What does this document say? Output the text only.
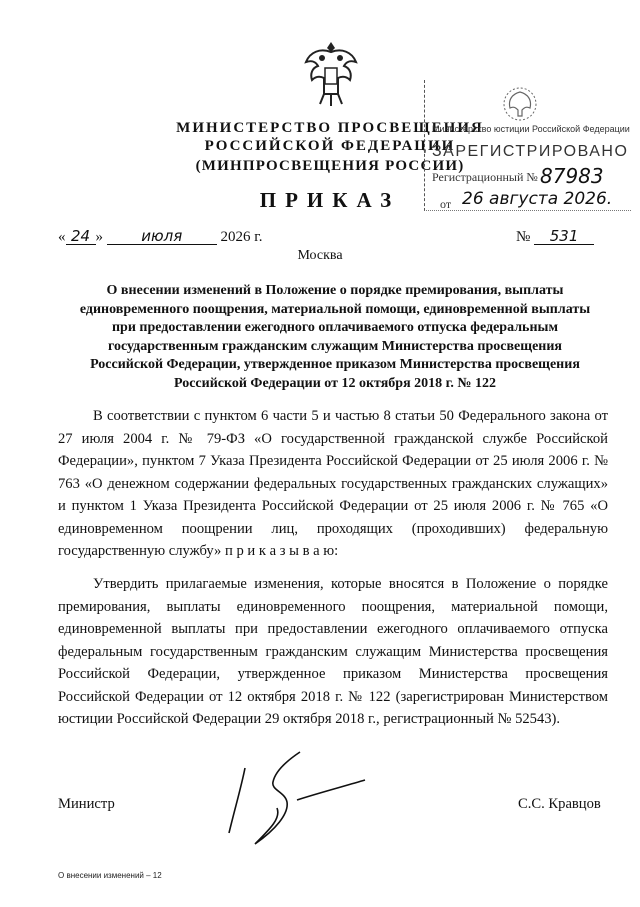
МИНИСТЕРСТВО ПРОСВЕЩЕНИЯ
РОССИЙСКОЙ ФЕДЕРАЦИИ
(МИНПРОСВЕЩЕНИЯ РОССИИ)
ПРИКАЗ
Министерство юстиции Российской Федерации
ЗАРЕГИСТРИРОВАНО
Регистрационный № 87983
от 26 августа 2026.
« 24 » июля	2026 г.	№ 531
Москва
О внесении изменений в Положение о порядке премирования, выплаты единовременного поощрения, материальной помощи, единовременной выплаты при предоставлении ежегодного оплачиваемого отпуска федеральным государственным гражданским служащим Министерства просвещения Российской Федерации, утвержденное приказом Министерства просвещения Российской Федерации от 12 октября 2018 г. № 122
В соответствии с пунктом 6 части 5 и частью 8 статьи 50 Федерального закона от 27 июля 2004 г. № 79-ФЗ «О государственной гражданской службе Российской Федерации», пунктом 7 Указа Президента Российской Федерации от 25 июля 2006 г. № 763 «О денежном содержании федеральных государственных гражданских служащих» и пунктом 1 Указа Президента Российской Федерации от 25 июля 2006 г. № 765 «О единовременном поощрении лиц, проходящих (проходивших) федеральную государственную службу» п р и к а з ы в а ю:
Утвердить прилагаемые изменения, которые вносятся в Положение о порядке премирования, выплаты единовременного поощрения, материальной помощи, единовременной выплаты при предоставлении ежегодного оплачиваемого отпуска федеральным государственным гражданским служащим Министерства просвещения Российской Федерации, утвержденное приказом Министерства просвещения Российской Федерации от 12 октября 2018 г. № 122 (зарегистрирован Министерством юстиции Российской Федерации 29 октября 2018 г., регистрационный № 52543).
Министр	С.С. Кравцов
О внесении изменений – 12
